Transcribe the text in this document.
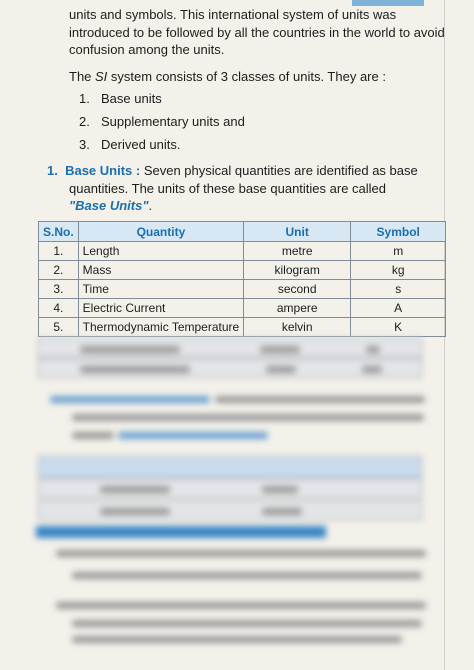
units and symbols. This international system of units was
introduced to be followed by all the countries in the world to avoid
confusion among the units.
The SI system consists of 3 classes of units. They are :
1. Base units
2. Supplementary units and
3. Derived units.
1. Base Units : Seven physical quantities are identified as base
quantities. The units of these base quantities are called
"Base Units".
S.No.	Quantity	Unit	Symbol
1.	Length	metre	m
2.	Mass	kilogram	kg
3.	Time	second	s
4.	Electric Current	ampere	A
5.	Thermodynamic Temperature	kelvin	K
